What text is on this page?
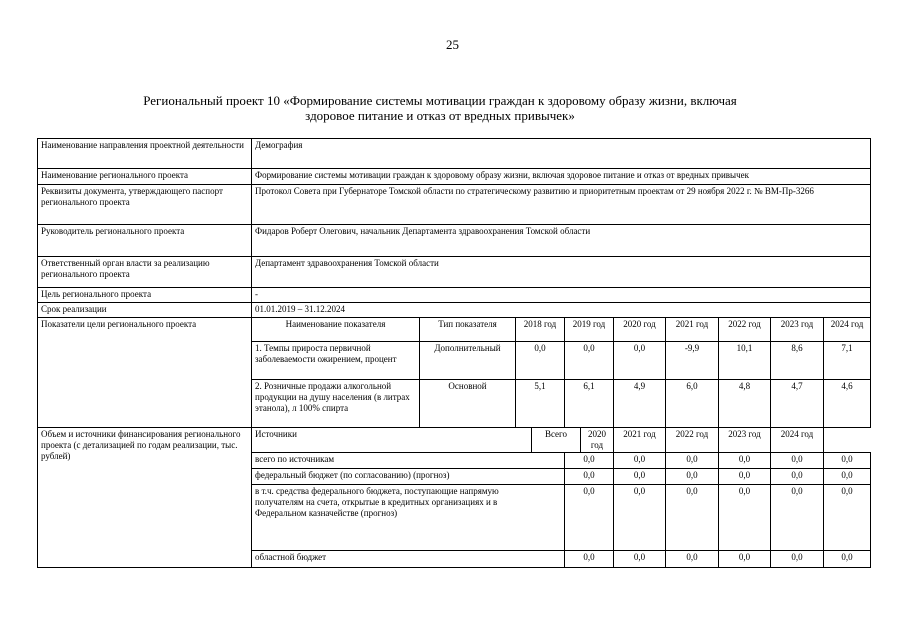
25
Региональный проект 10 «Формирование системы мотивации граждан к здоровому образу жизни, включая
здоровое питание и отказ от вредных привычек»
Наименование направления проектной деятельности	Демография										
Наименование регионального проекта	Формирование системы мотивации граждан к здоровому образу жизни, включая здоровое питание и отказ от вредных привычек										
Реквизиты документа, утверждающего паспорт регионального проекта	Протокол Совета при Губернаторе Томской области по стратегическому развитию и приоритетным проектам от 29 ноября 2022 г. № ВМ-Пр-3266										
Руководитель регионального проекта	Фидаров Роберт Олегович, начальник Департамента здравоохранения Томской области										
Ответственный орган власти за реализацию регионального проекта	Департамент здравоохранения Томской области										
Цель регионального проекта	-										
Срок реализации	01.01.2019 – 31.12.2024										
Показатели цели регионального проекта	Наименование показателя	Тип показателя	2018 год		2019 год		2020 год	2021 год	2022 год	2023 год	2024 год
	1. Темпы прироста первичной заболеваемости ожирением, процент	Дополнительный	0,0		0,0		0,0	-9,9	10,1	8,6	7,1
	2. Розничные продажи алкогольной продукции на душу населения (в литрах этанола), л 100% спирта	Основной	5,1		6,1		4,9	6,0	4,8	4,7	4,6
Объем и источники финансирования регионального проекта (с детализацией по годам реализации, тыс. рублей)	Источники			Всего		2020 год	2021 год	2022 год	2023 год	2024 год	
	всего по источникам				0,0		0,0	0,0	0,0	0,0	0,0
	федеральный бюджет (по согласованию) (прогноз)				0,0		0,0	0,0	0,0	0,0	0,0

	в т.ч. средства федерального бюджета, поступающие напрямую получателям на счета, открытые в кредитных организациях и в Федеральном казначействе (прогноз)				0,0		0,0	0,0	0,0	0,0	0,0
	областной бюджет				0,0		0,0	0,0	0,0	0,0	0,0
